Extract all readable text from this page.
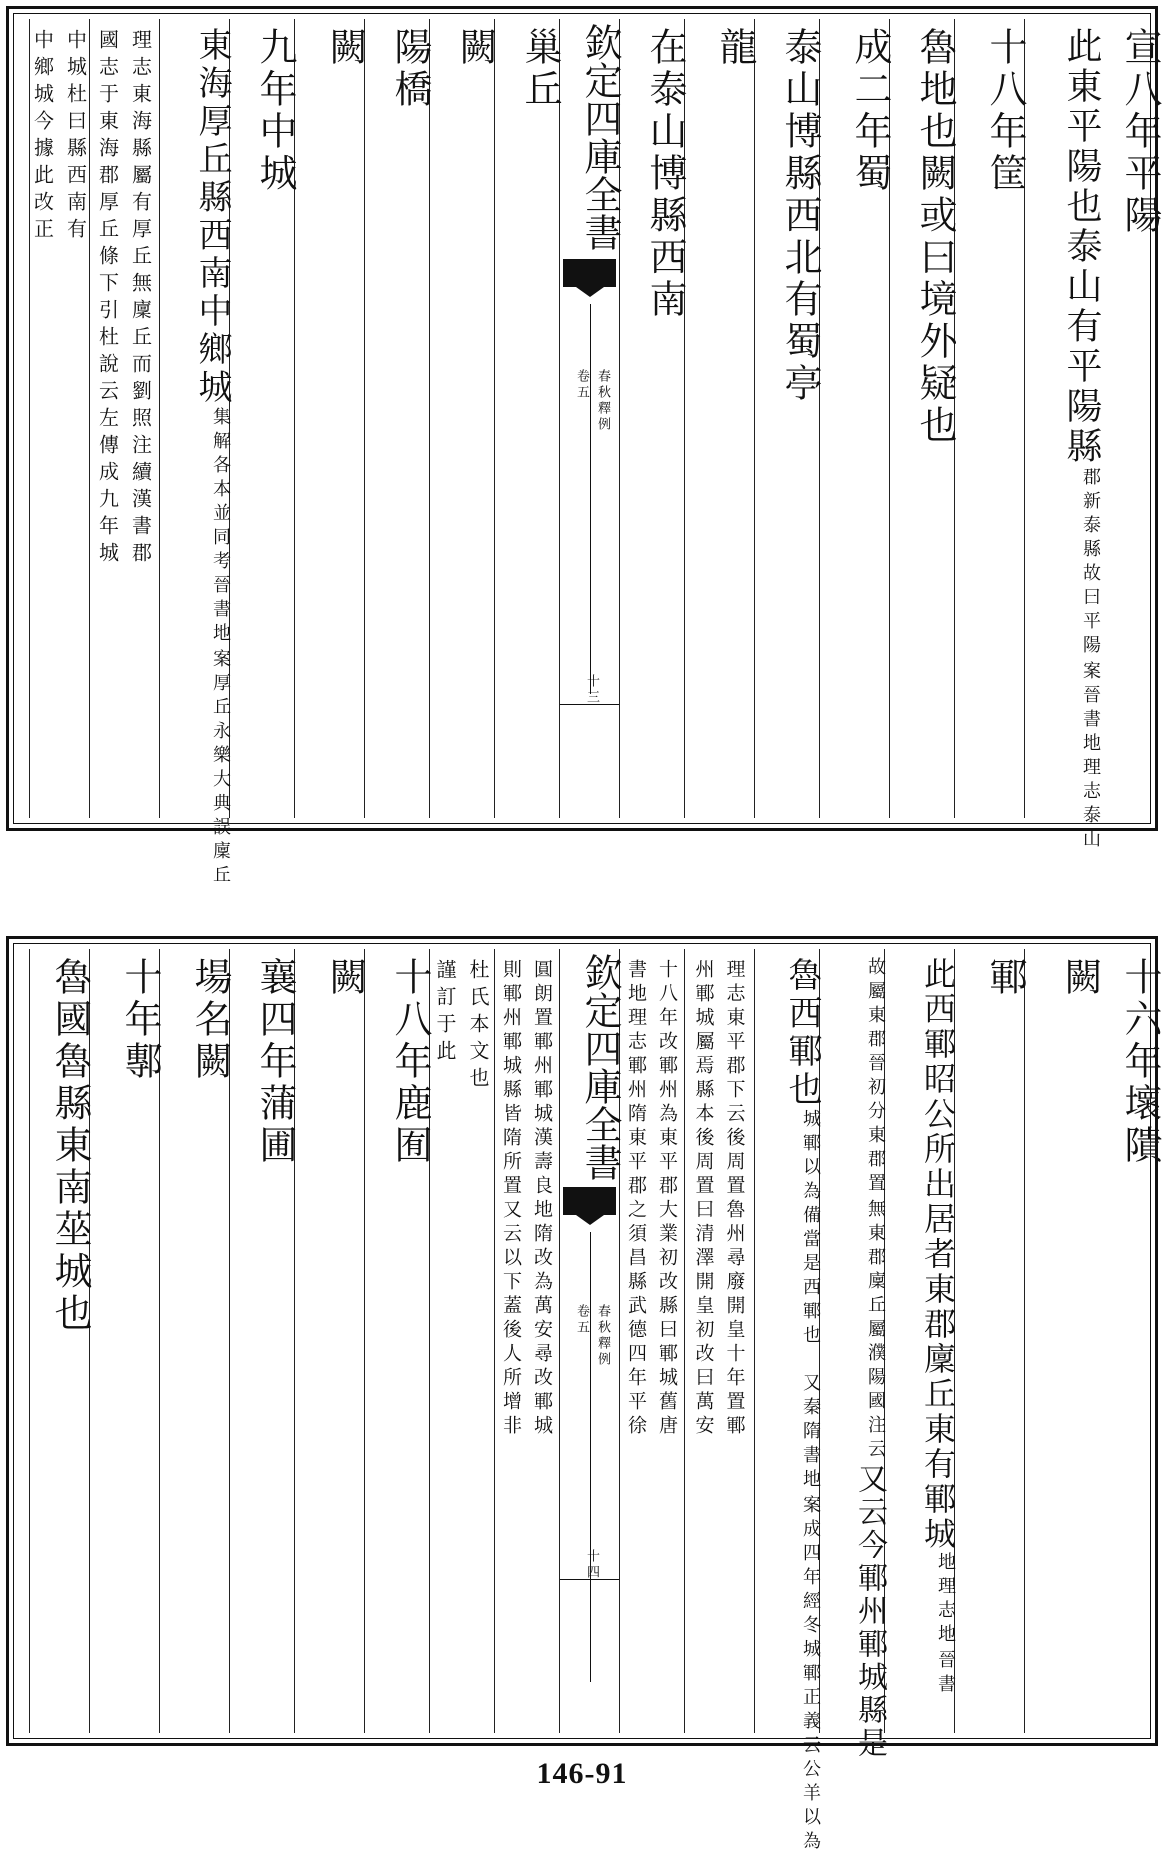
宣八年平陽
此東平陽也泰山有平陽縣
案晉書地理志泰山
郡新泰縣故曰平陽
十八年筐
魯地也闕或曰境外疑也
成二年蜀
泰山博縣西北有蜀亭
龍
在泰山博縣西南
欽定四庫全書
春秋釋例
卷五
十三
巢丘
闕
陽橋
闕
九年中城
東海厚丘縣西南中鄉城
案厚丘永樂大典誤廩丘
集解各本並同考晉書地
理志東海縣屬有厚丘無廩丘而劉照注續漢書郡
國志于東海郡厚丘條下引杜說云左傳成九年城
中城杜曰縣西南有
中鄉城今據此改正
十六年壞隤
闕
鄆
此西鄆昭公所出居者東郡廩丘東有鄆城
晉書
地理志地
無東郡廩丘屬濮陽國注云
故屬東郡晉初分東郡置
又云今鄆州鄆城縣是
魯西鄆也
案成四年經冬城鄆正義云公羊以為
城鄆以為備當是西鄆也　又秦隋書地
理志東平郡下云後周置魯州尋廢開皇十年置鄆
州鄆城屬焉縣本後周置曰清澤開皇初改曰萬安
十八年改鄆州為東平郡大業初改縣曰鄆城舊唐
書地理志鄆州隋東平郡之須昌縣武德四年平徐
欽定四庫全書
春秋釋例
卷五
十四
圓朗置鄆州鄆城漢壽良地隋改為萬安尋改鄆城
則鄆州鄆城縣皆隋所置又云以下蓋後人所增非
杜氏本文也
謹訂于此
十八年鹿囿
闕
襄四年蒲圃
場名闕
十年鄟
魯國魯縣東南莝城也
146-91
